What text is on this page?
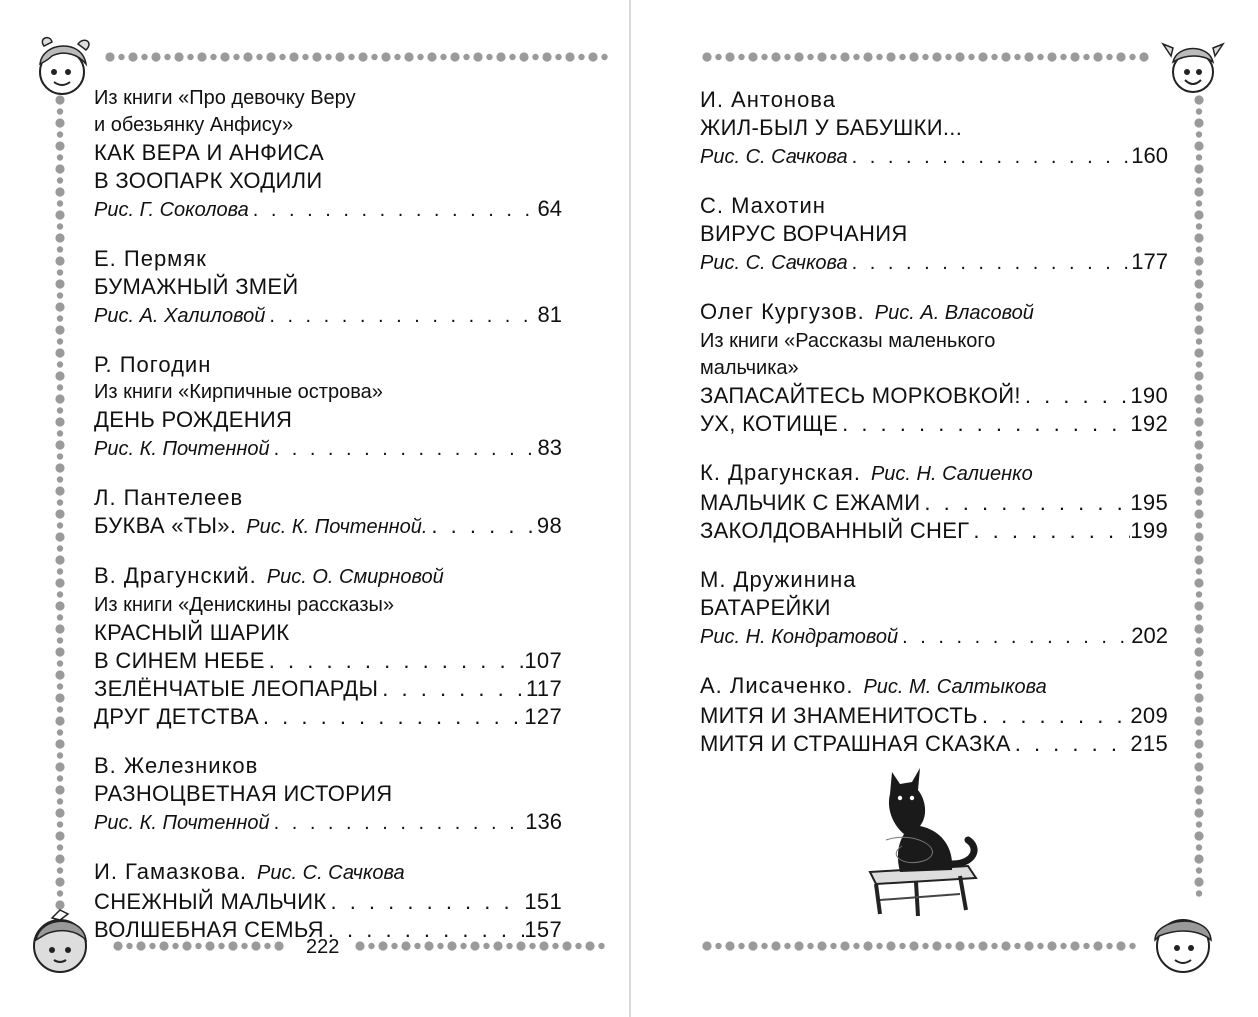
Из книги «Про девочку Веру
и обезьянку Анфису»
КАК ВЕРА И АНФИСА
В ЗООПАРК ХОДИЛИ
Рис. Г. Соколова . . .	64
Е. Пермяк
БУМАЖНЫЙ ЗМЕЙ
Рис. А. Халиловой . . .	81
Р. Погодин
Из книги «Кирпичные острова»
ДЕНЬ РОЖДЕНИЯ
Рис. К. Почтенной . . .	83
Л. Пантелеев
БУКВА «ТЫ». Рис. К. Почтенной. . . .	98
В. Драгунский. Рис. О. Смирновой
Из книги «Денискины рассказы»
КРАСНЫЙ ШАРИК
В СИНЕМ НЕБЕ . . .	107
ЗЕЛЁНЧАТЫЕ ЛЕОПАРДЫ . . .	117
ДРУГ ДЕТСТВА . . .	127
В. Железников
РАЗНОЦВЕТНАЯ ИСТОРИЯ
Рис. К. Почтенной . . .	136
И. Гамазкова. Рис. С. Сачкова
СНЕЖНЫЙ МАЛЬЧИК . . .	151
ВОЛШЕБНАЯ СЕМЬЯ . . .	157
222
И. Антонова
ЖИЛ-БЫЛ У БАБУШКИ...
Рис. С. Сачкова . . .	160
С. Махотин
ВИРУС ВОРЧАНИЯ
Рис. С. Сачкова . . .	177
Олег Кургузов. Рис. А. Власовой
Из книги «Рассказы маленького
мальчика»
ЗАПАСАЙТЕСЬ МОРКОВКОЙ! . . .	190
УХ, КОТИЩЕ . . .	192
К. Драгунская. Рис. Н. Салиенко
МАЛЬЧИК С ЕЖАМИ . . .	195
ЗАКОЛДОВАННЫЙ СНЕГ . . .	199
М. Дружинина
БАТАРЕЙКИ
Рис. Н. Кондратовой . . .	202
А. Лисаченко. Рис. М. Салтыкова
МИТЯ И ЗНАМЕНИТОСТЬ . . .	209
МИТЯ И СТРАШНАЯ СКАЗКА . . .	215
